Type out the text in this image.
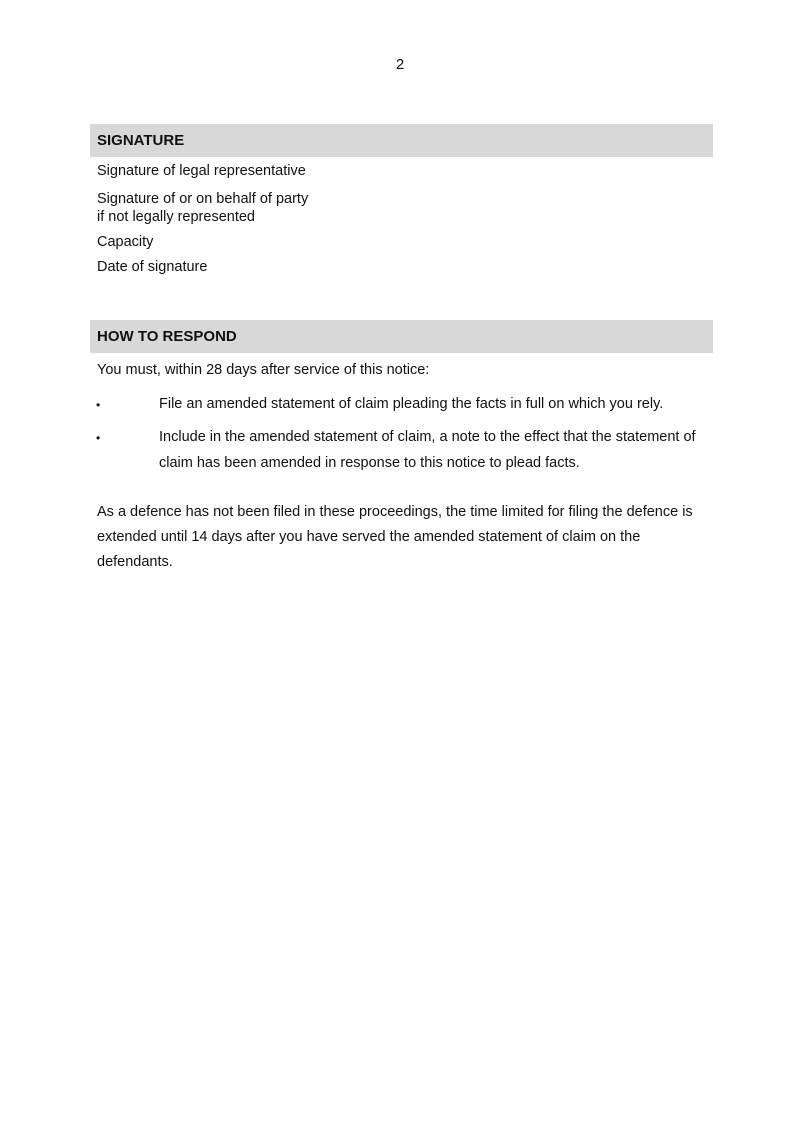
2
SIGNATURE
Signature of legal representative
Signature of or on behalf of party
if not legally represented
Capacity
Date of signature
HOW TO RESPOND
You must, within 28 days after service of this notice:
•	File an amended statement of claim pleading the facts in full on which you rely.
•	Include in the amended statement of claim, a note to the effect that the statement of claim has been amended in response to this notice to plead facts.
As a defence has not been filed in these proceedings, the time limited for filing the defence is extended until 14 days after you have served the amended statement of claim on the defendants.
